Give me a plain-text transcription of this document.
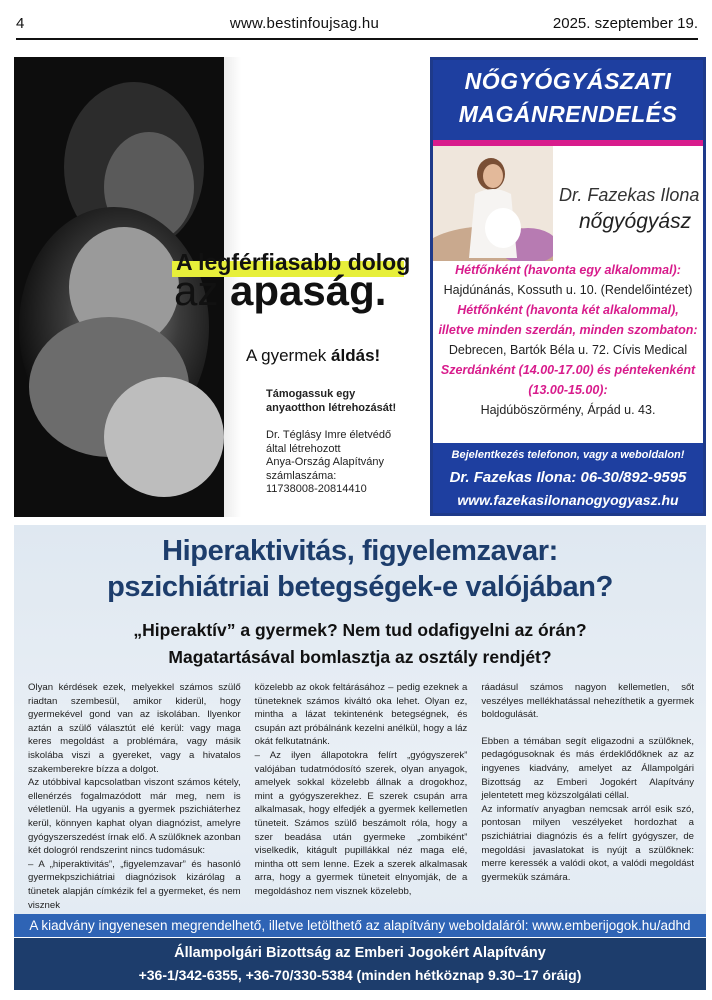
4	www.bestinfoujsag.hu	2025. szeptember 19.
A legférfiasabb dolog
az apaság.
A gyermek áldás!
Támogassuk egy
anyaotthon létrehozását!
Dr. Téglásy Imre életvédő
által létrehozott
Anya-Ország Alapítvány
számlaszáma:
11738008-20814410
NŐGYÓGYÁSZATI
MAGÁNRENDELÉS
Dr. Fazekas Ilona
nőgyógyász
Hétfőnként (havonta egy alkalommal):
Hajdúnánás, Kossuth u. 10. (Rendelőintézet)
Hétfőnként (havonta két alkalommal),
illetve minden szerdán, minden szombaton:
Debrecen, Bartók Béla u. 72. Cívis Medical
Szerdánként (14.00-17.00) és péntekenként
(13.00-15.00):
Hajdúböszörmény, Árpád u. 43.
Bejelentkezés telefonon, vagy a weboldalon!
Dr. Fazekas Ilona: 06-30/892-9595
www.fazekasilonanogyogyasz.hu
Hiperaktivitás, figyelemzavar:
pszichiátriai betegségek-e valójában?
„Hiperaktív” a gyermek? Nem tud odafigyelni az órán?
Magatartásával bomlasztja az osztály rendjét?

Olyan kérdések ezek, melyekkel számos szülő riadtan szembesül, amikor kiderül, hogy gyermekével gond van az iskolában. Ilyenkor aztán a szülő választút elé kerül: vagy maga keres megoldást a problémára, vagy másik iskolába viszi a gyereket, vagy a hivatalos szakemberekre bízza a dolgot.

Az utóbbival kapcsolatban viszont számos kétely, ellenérzés fogalmazódott már meg, nem is véletlenül. Ha ugyanis a gyermek pszichiáterhez kerül, könnyen kaphat olyan diagnózist, amelyre gyógyszerszedést írnak elő. A szülőknek azonban két dologról rendszerint nincs tudomásuk:

– A „hiperaktivitás”, „figyelemzavar” és hasonló gyermekpszichiátriai diagnózisok kizárólag a tünetek alapján címkézik fel a gyermeket, és nem visznek

közelebb az okok feltárásához – pedig ezeknek a tüneteknek számos kiváltó oka lehet. Olyan ez, mintha a lázat tekintenénk betegségnek, és csupán azt próbálnánk kezelni anélkül, hogy a láz okát felkutatnánk.

– Az ilyen állapotokra felírt „gyógyszerek” valójában tudatmódosító szerek, olyan anyagok, amelyek sokkal közelebb állnak a drogokhoz, mint a gyógyszerekhez. E szerek csupán arra alkalmasak, hogy elfedjék a gyermek kellemetlen tüneteit. Számos szülő beszámolt róla, hogy a szer beadása után gyermeke „zombiként” viselkedik, kitágult pupillákkal néz maga elé, mintha ott sem lenne. Ezek a szerek alkalmasak arra, hogy a gyermek tüneteit elnyomják, de a megoldáshoz nem visznek közelebb,

ráadásul számos nagyon kellemetlen, sőt veszélyes mellékhatással nehezíthetik a gyermek boldogulását.

Ebben a témában segít eligazodni a szülőknek, pedagógusoknak és más érdeklődőknek az az ingyenes kiadvány, amelyet az Állampolgári Bizottság az Emberi Jogokért Alapítvány jelentetett meg közszolgálati céllal.

Az informatív anyagban nemcsak arról esik szó, pontosan milyen veszélyeket hordozhat a pszichiátriai diagnózis és a felírt gyógyszer, de megoldási javaslatokat is nyújt a szülőknek: merre keressék a valódi okot, a valódi megoldást gyermekük számára.

A kiadvány ingyenesen megrendelhető, illetve letölthető az alapítvány weboldaláról: www.emberijogok.hu/adhd
Állampolgári Bizottság az Emberi Jogokért Alapítvány
+36-1/342-6355, +36-70/330-5384 (minden hétköznap 9.30–17 óráig)
